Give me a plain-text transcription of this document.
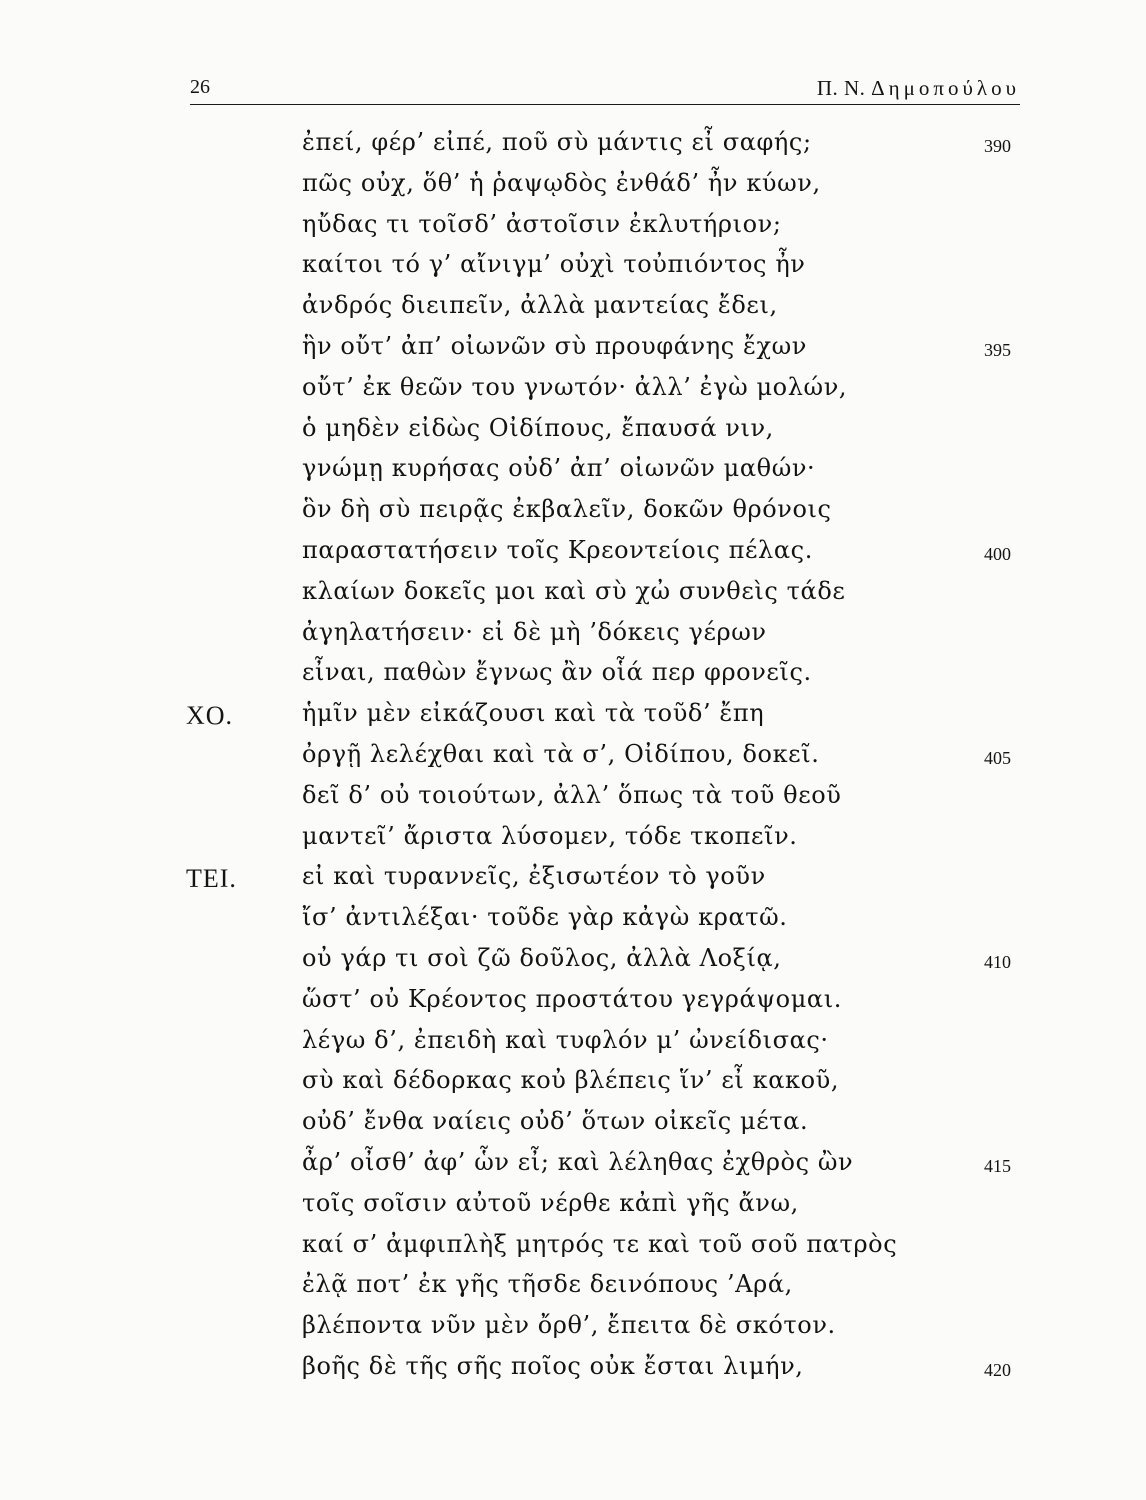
26	Π. Ν. Δημοπούλου
ἐπεί, φέρ’ εἰπέ, ποῦ σὺ μάντις εἶ σαφής;	390
πῶς οὐχ, ὅθ’ ἡ ῥαψῳδὸς ἐνθάδ’ ἦν κύων,
ηὔδας τι τοῖσδ’ ἀστοῖσιν ἐκλυτήριον;
καίτοι τό γ’ αἴνιγμ’ οὐχὶ τοὐπιόντος ἦν
ἀνδρός διειπεῖν, ἀλλὰ μαντείας ἔδει,
ἣν οὔτ’ ἀπ’ οἰωνῶν σὺ προυφάνης ἔχων	395
οὔτ’ ἐκ θεῶν του γνωτόν· ἀλλ’ ἐγὼ μολών,
ὁ μηδὲν εἰδὼς Οἰδίπους, ἔπαυσά νιν,
γνώμῃ κυρήσας οὐδ’ ἀπ’ οἰωνῶν μαθών·
ὃν δὴ σὺ πειρᾷς ἐκβαλεῖν, δοκῶν θρόνοις
παραστατήσειν τοῖς Κρεοντείοις πέλας.	400
κλαίων δοκεῖς μοι καὶ σὺ χὠ συνθεὶς τάδε
ἀγηλατήσειν· εἰ δὲ μὴ ’δόκεις γέρων
εἶναι, παθὼν ἔγνως ἂν οἷά περ φρονεῖς.
ΧΟ.	ἡμῖν μὲν εἰκάζουσι καὶ τὰ τοῦδ’ ἔπη
ὀργῇ λελέχθαι καὶ τὰ σ’, Οἰδίπου, δοκεῖ.	405
δεῖ δ’ οὐ τοιούτων, ἀλλ’ ὅπως τὰ τοῦ θεοῦ
μαντεῖ’ ἄριστα λύσομεν, τόδε τκοπεῖν.
ΤΕΙ.	εἰ καὶ τυραννεῖς, ἐξισωτέον τὸ γοῦν
ἴσ’ ἀντιλέξαι· τοῦδε γὰρ κἀγὼ κρατῶ.
οὐ γάρ τι σοὶ ζῶ δοῦλος, ἀλλὰ Λοξίᾳ,	410
ὥστ’ οὐ Κρέοντος προστάτου γεγράψομαι.
λέγω δ’, ἐπειδὴ καὶ τυφλόν μ’ ὠνείδισας·
σὺ καὶ δέδορκας κοὐ βλέπεις ἵν’ εἶ κακοῦ,
οὐδ’ ἔνθα ναίεις οὐδ’ ὅτων οἰκεῖς μέτα.
ἆρ’ οἶσθ’ ἀφ’ ὧν εἶ; καὶ λέληθας ἐχθρὸς ὢν	415
τοῖς σοῖσιν αὐτοῦ νέρθε κἀπὶ γῆς ἄνω,
καί σ’ ἀμφιπλὴξ μητρός τε καὶ τοῦ σοῦ πατρὸς
ἐλᾷ ποτ’ ἐκ γῆς τῆσδε δεινόπους ’Αρά,
βλέποντα νῦν μὲν ὄρθ’, ἔπειτα δὲ σκότον.
βοῆς δὲ τῆς σῆς ποῖος οὐκ ἔσται λιμήν,	420
